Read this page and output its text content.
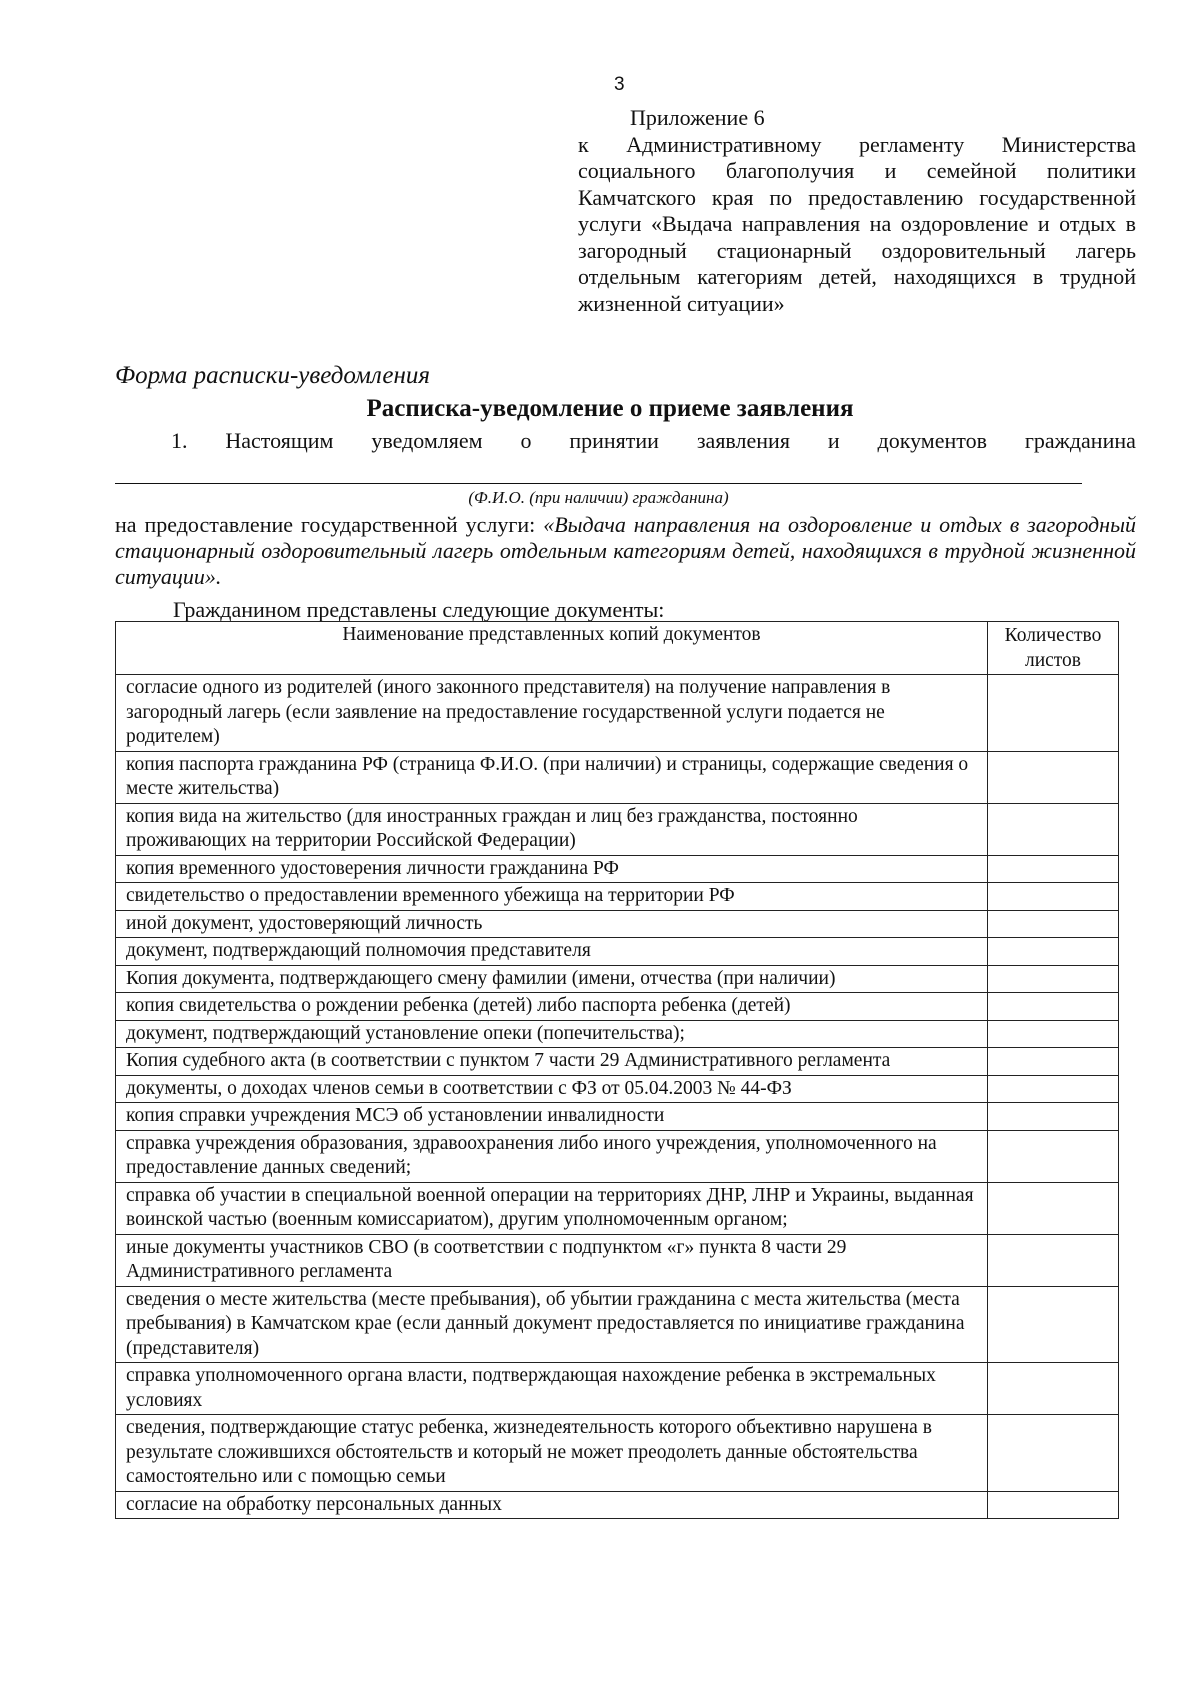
3
Приложение 6
к Административному регламенту Министерства социального благополучия и семейной политики Камчатского края по предоставлению государственной услуги «Выдача направления на оздоровление и отдых в загородный стационарный оздоровительный лагерь отдельным категориям детей, находящихся в трудной жизненной ситуации»
Форма расписки-уведомления
Расписка-уведомление о приеме заявления
1. Настоящим уведомляем о принятии заявления и документов гражданина
(Ф.И.О. (при наличии) гражданина)
на предоставление государственной услуги: «Выдача направления на оздоровление и отдых в загородный стационарный оздоровительный лагерь отдельным категориям детей, находящихся в трудной жизненной ситуации».
Гражданином представлены следующие документы:
Наименование представленных копий документов	Количество листов
согласие одного из родителей (иного законного представителя) на получение направления в загородный лагерь (если заявление на предоставление государственной услуги подается не родителем)	
копия паспорта гражданина РФ (страница Ф.И.О. (при наличии) и страницы, содержащие сведения о месте жительства)	
копия вида на жительство (для иностранных граждан и лиц без гражданства, постоянно проживающих на территории Российской Федерации)	
копия временного удостоверения личности гражданина РФ	
свидетельство о предоставлении временного убежища на территории РФ	
иной документ, удостоверяющий личность	
документ, подтверждающий полномочия представителя	
Копия документа, подтверждающего смену фамилии (имени, отчества (при наличии)	
копия свидетельства о рождении ребенка (детей) либо паспорта ребенка (детей)	
документ, подтверждающий установление опеки (попечительства);	
Копия судебного акта (в соответствии с пунктом 7 части 29 Административного регламента	
документы, о доходах членов семьи в соответствии с ФЗ от 05.04.2003 № 44-ФЗ	
копия справки учреждения МСЭ об установлении инвалидности	
справка учреждения образования, здравоохранения либо иного учреждения, уполномоченного на предоставление данных сведений;	
справка об участии в специальной военной операции на территориях ДНР, ЛНР и Украины, выданная воинской частью (военным комиссариатом), другим уполномоченным органом;	
иные документы участников СВО (в соответствии с подпунктом «г» пункта 8 части 29 Административного регламента	
сведения о месте жительства (месте пребывания), об убытии гражданина с места жительства (места пребывания) в Камчатском крае (если данный документ предоставляется по инициативе гражданина (представителя)	
справка уполномоченного органа власти, подтверждающая нахождение ребенка в экстремальных условиях	
сведения, подтверждающие статус ребенка, жизнедеятельность которого объективно нарушена в результате сложившихся обстоятельств и который не может преодолеть данные обстоятельства самостоятельно или с помощью семьи	
согласие на обработку персональных данных	
